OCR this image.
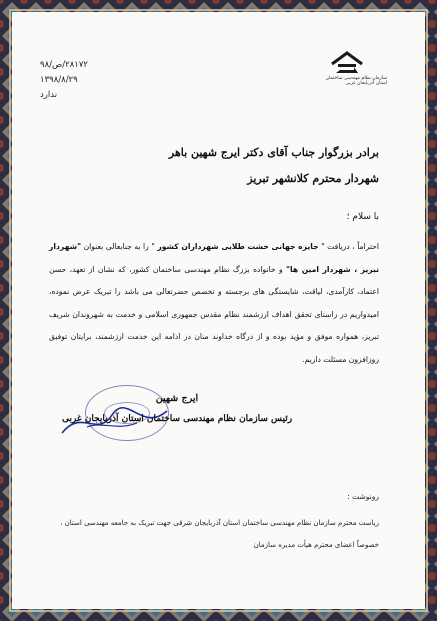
۲۸۱۷۲/ص/۹۸
۱۳۹۸/۸/۲۹
ندارد
سازمان نظام مهندسی ساختمان
استان آذربایجان غربی
برادر بزرگوار جناب آقای دکتر ایرج شهین باهر
شهردار محترم کلانشهر تبریز
با سلام ؛
احتراماً ، دریافت " جایزه جهانی خشت طلایی شهرداران کشور " را به جنابعالی بعنوان "شهردار تبریز ، شهردار امین ها" و خانواده بزرگ نظام مهندسی ساختمان کشور، که نشان از تعهد، حسن اعتماد، کارآمدی، لیاقت، شایستگی های برجسته و تخصص حضرتعالی می باشد را تبریک عرض نموده، امیدواریم در راستای تحقق اهداف ارزشمند نظام مقدس جمهوری اسلامی و خدمت به شهروندان شریف تبریز، همواره موفق و مؤید بوده و از درگاه خداوند منان در ادامه این خدمت ارزشمند، برایتان توفیق روزافزون مسئلت داریم.
ایرج شهین
رئیس سازمان نظام مهندسی ساختمان استان آذربایجان غربی
رونوشت :
ریاست محترم سازمان نظام مهندسی ساختمان استان آذربایجان شرقی جهت تبریک به جامعه مهندسی استان ، خصوصاً اعضای محترم هیأت مدیره سازمان
